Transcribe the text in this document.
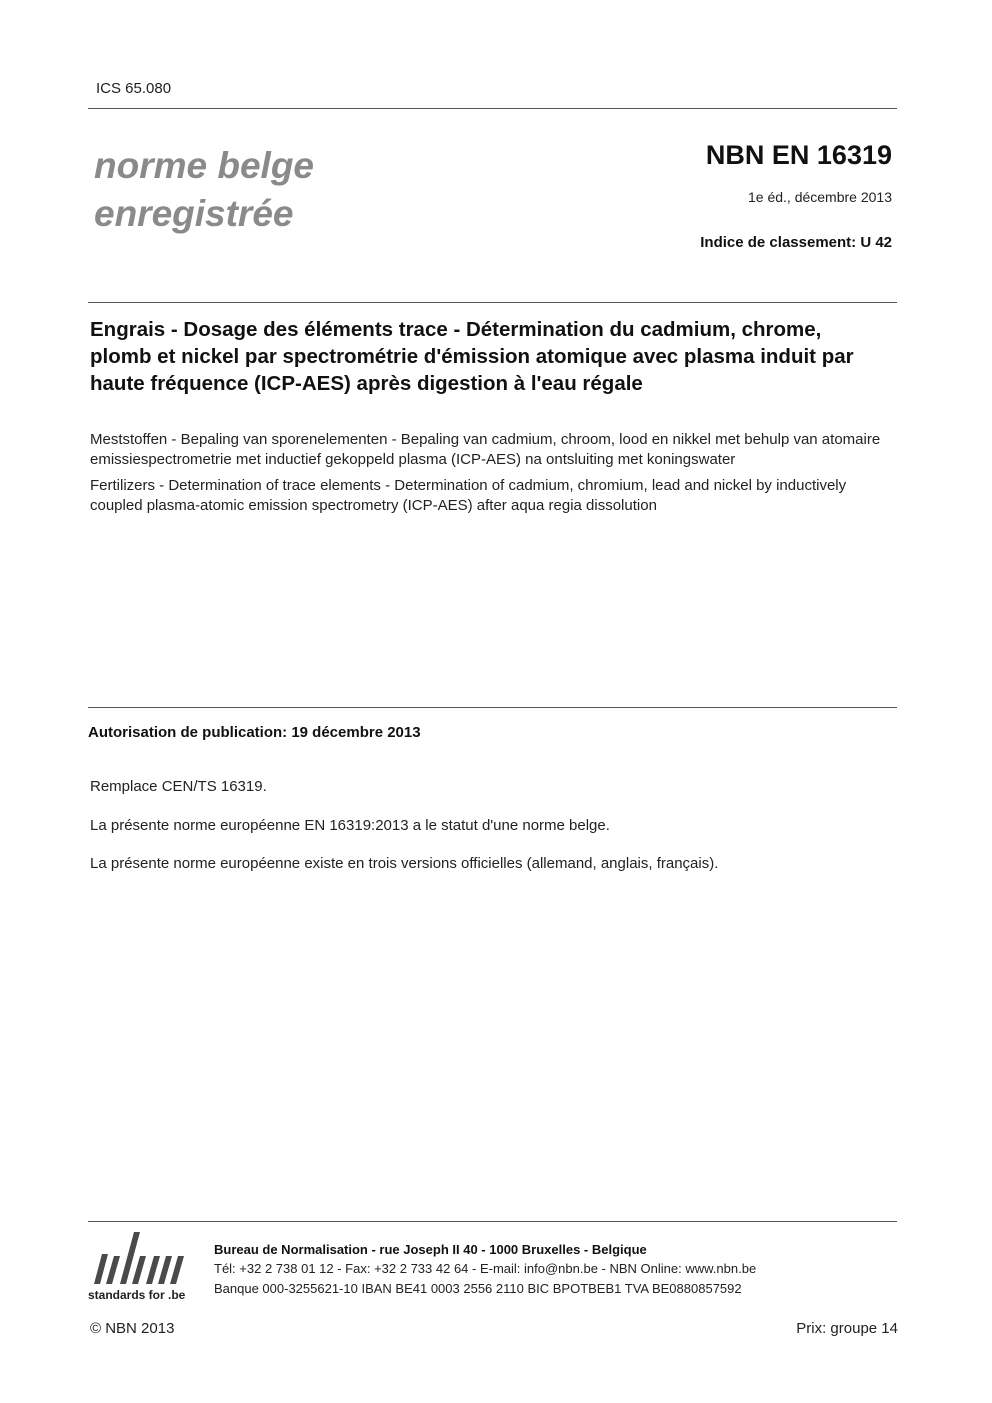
ICS 65.080
norme belge
enregistrée
NBN EN 16319
1e éd., décembre 2013
Indice de classement: U 42
Engrais - Dosage des éléments trace - Détermination du cadmium, chrome, plomb et nickel par spectrométrie d'émission atomique avec plasma induit par haute fréquence (ICP-AES) après digestion à l'eau régale
Meststoffen - Bepaling van sporenelementen - Bepaling van cadmium, chroom, lood en nikkel met behulp van atomaire emissiespectrometrie met inductief gekoppeld plasma (ICP-AES) na ontsluiting met koningswater
Fertilizers - Determination of trace elements - Determination of cadmium, chromium, lead and nickel by inductively coupled plasma-atomic emission spectrometry (ICP-AES) after aqua regia dissolution
Autorisation de publication: 19 décembre 2013
Remplace CEN/TS 16319.
La présente norme européenne EN 16319:2013 a le statut d'une norme belge.
La présente norme européenne existe en trois versions officielles (allemand, anglais, français).
standards for .be
Bureau de Normalisation - rue Joseph II 40 - 1000 Bruxelles - Belgique
Tél: +32 2 738 01 12 - Fax: +32 2 733 42 64 - E-mail: info@nbn.be - NBN Online: www.nbn.be
Banque 000-3255621-10 IBAN BE41 0003 2556 2110 BIC BPOTBEB1 TVA BE0880857592
© NBN 2013	Prix: groupe 14
